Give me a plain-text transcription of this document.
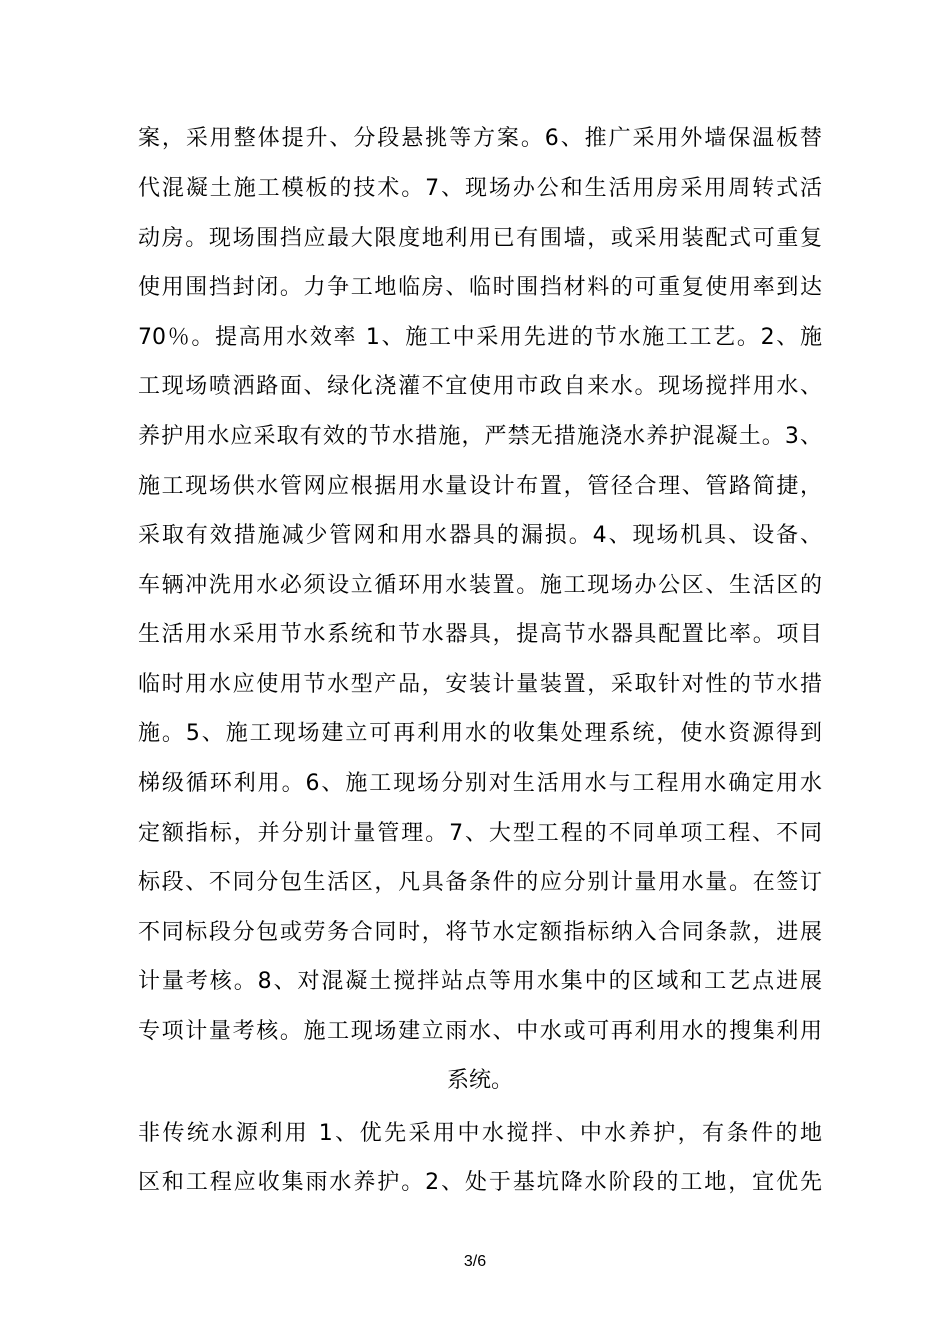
案，采用整体提升、分段悬挑等方案。6、推广采用外墙保温板替
代混凝土施工模板的技术。7、现场办公和生活用房采用周转式活
动房。现场围挡应最大限度地利用已有围墙，或采用装配式可重复
使用围挡封闭。力争工地临房、临时围挡材料的可重复使用率到达
70％。提高用水效率 1、施工中采用先进的节水施工工艺。2、施
工现场喷洒路面、绿化浇灌不宜使用市政自来水。现场搅拌用水、
养护用水应采取有效的节水措施，严禁无措施浇水养护混凝土。3、
施工现场供水管网应根据用水量设计布置，管径合理、管路简捷，
采取有效措施减少管网和用水器具的漏损。4、现场机具、设备、
车辆冲洗用水必须设立循环用水装置。施工现场办公区、生活区的
生活用水采用节水系统和节水器具，提高节水器具配置比率。项目
临时用水应使用节水型产品，安装计量装置，采取针对性的节水措
施。5、施工现场建立可再利用水的收集处理系统，使水资源得到
梯级循环利用。6、施工现场分别对生活用水与工程用水确定用水
定额指标，并分别计量管理。7、大型工程的不同单项工程、不同
标段、不同分包生活区，凡具备条件的应分别计量用水量。在签订
不同标段分包或劳务合同时，将节水定额指标纳入合同条款，进展
计量考核。8、对混凝土搅拌站点等用水集中的区域和工艺点进展
专项计量考核。施工现场建立雨水、中水或可再利用水的搜集利用
系统。
非传统水源利用 1、优先采用中水搅拌、中水养护，有条件的地
区和工程应收集雨水养护。2、处于基坑降水阶段的工地，宜优先
3/6
